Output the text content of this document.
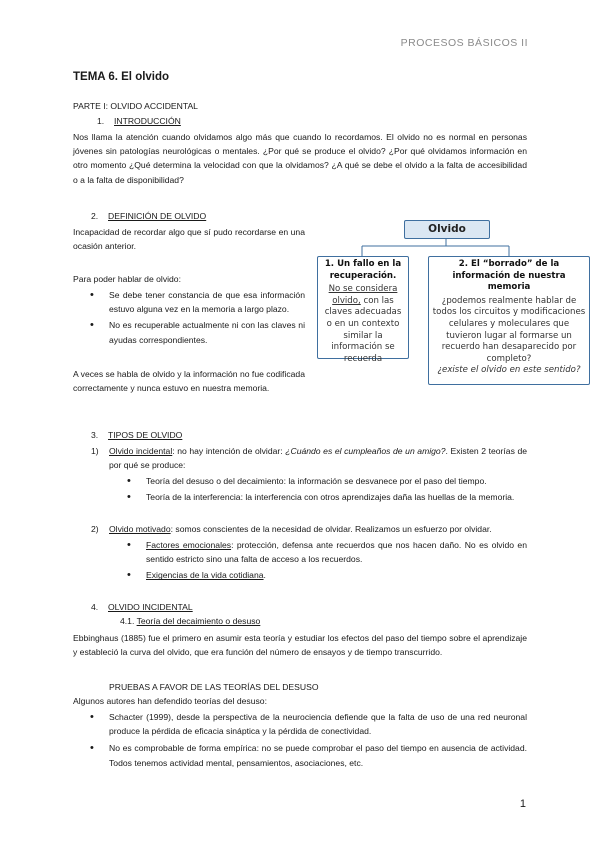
PROCESOS BÁSICOS II
TEMA 6. El olvido
PARTE I: OLVIDO ACCIDENTAL
1. INTRODUCCIÓN
Nos llama la atención cuando olvidamos algo más que cuando lo recordamos. El olvido no es normal en personas jóvenes sin patologías neurológicas o mentales. ¿Por qué se produce el olvido? ¿Por qué olvidamos información en otro momento ¿Qué determina la velocidad con que la olvidamos? ¿A qué se debe el olvido a la falta de accesibilidad o a la falta de disponibilidad?
2. DEFINICIÓN DE OLVIDO
Incapacidad de recordar algo que sí pudo recordarse en una ocasión anterior.
Para poder hablar de olvido:
• Se debe tener constancia de que esa información estuvo alguna vez en la memoria a largo plazo.
• No es recuperable actualmente ni con las claves ni ayudas correspondientes.
A veces se habla de olvido y la información no fue codificada correctamente y nunca estuvo en nuestra memoria.
Olvido
1. Un fallo en la recuperación.
No se considera olvido, con las claves adecuadas o en un contexto similar la información se recuerda
2. El “borrado” de la información de nuestra memoria
¿podemos realmente hablar de todos los circuitos y modificaciones celulares y moleculares que tuvieron lugar al formarse un recuerdo han desaparecido por completo?
¿existe el olvido en este sentido?
3. TIPOS DE OLVIDO
1) Olvido incidental: no hay intención de olvidar: ¿Cuándo es el cumpleaños de un amigo?. Existen 2 teorías de por qué se produce:
• Teoría del desuso o del decaimiento: la información se desvanece por el paso del tiempo.
• Teoría de la interferencia: la interferencia con otros aprendizajes daña las huellas de la memoria.
2) Olvido motivado: somos conscientes de la necesidad de olvidar. Realizamos un esfuerzo por olvidar.
• Factores emocionales: protección, defensa ante recuerdos que nos hacen daño. No es olvido en sentido estricto sino una falta de acceso a los recuerdos.
• Exigencias de la vida cotidiana.
4. OLVIDO INCIDENTAL
4.1. Teoría del decaimiento o desuso
Ebbinghaus (1885) fue el primero en asumir esta teoría y estudiar los efectos del paso del tiempo sobre el aprendizaje y estableció la curva del olvido, que era función del número de ensayos y de tiempo transcurrido.
PRUEBAS A FAVOR DE LAS TEORÍAS DEL DESUSO
Algunos autores han defendido teorías del desuso:
• Schacter (1999), desde la perspectiva de la neurociencia defiende que la falta de uso de una red neuronal produce la pérdida de eficacia sináptica y la pérdida de conectividad.
• No es comprobable de forma empírica: no se puede comprobar el paso del tiempo en ausencia de actividad. Todos tenemos actividad mental, pensamientos, asociaciones, etc.
1
